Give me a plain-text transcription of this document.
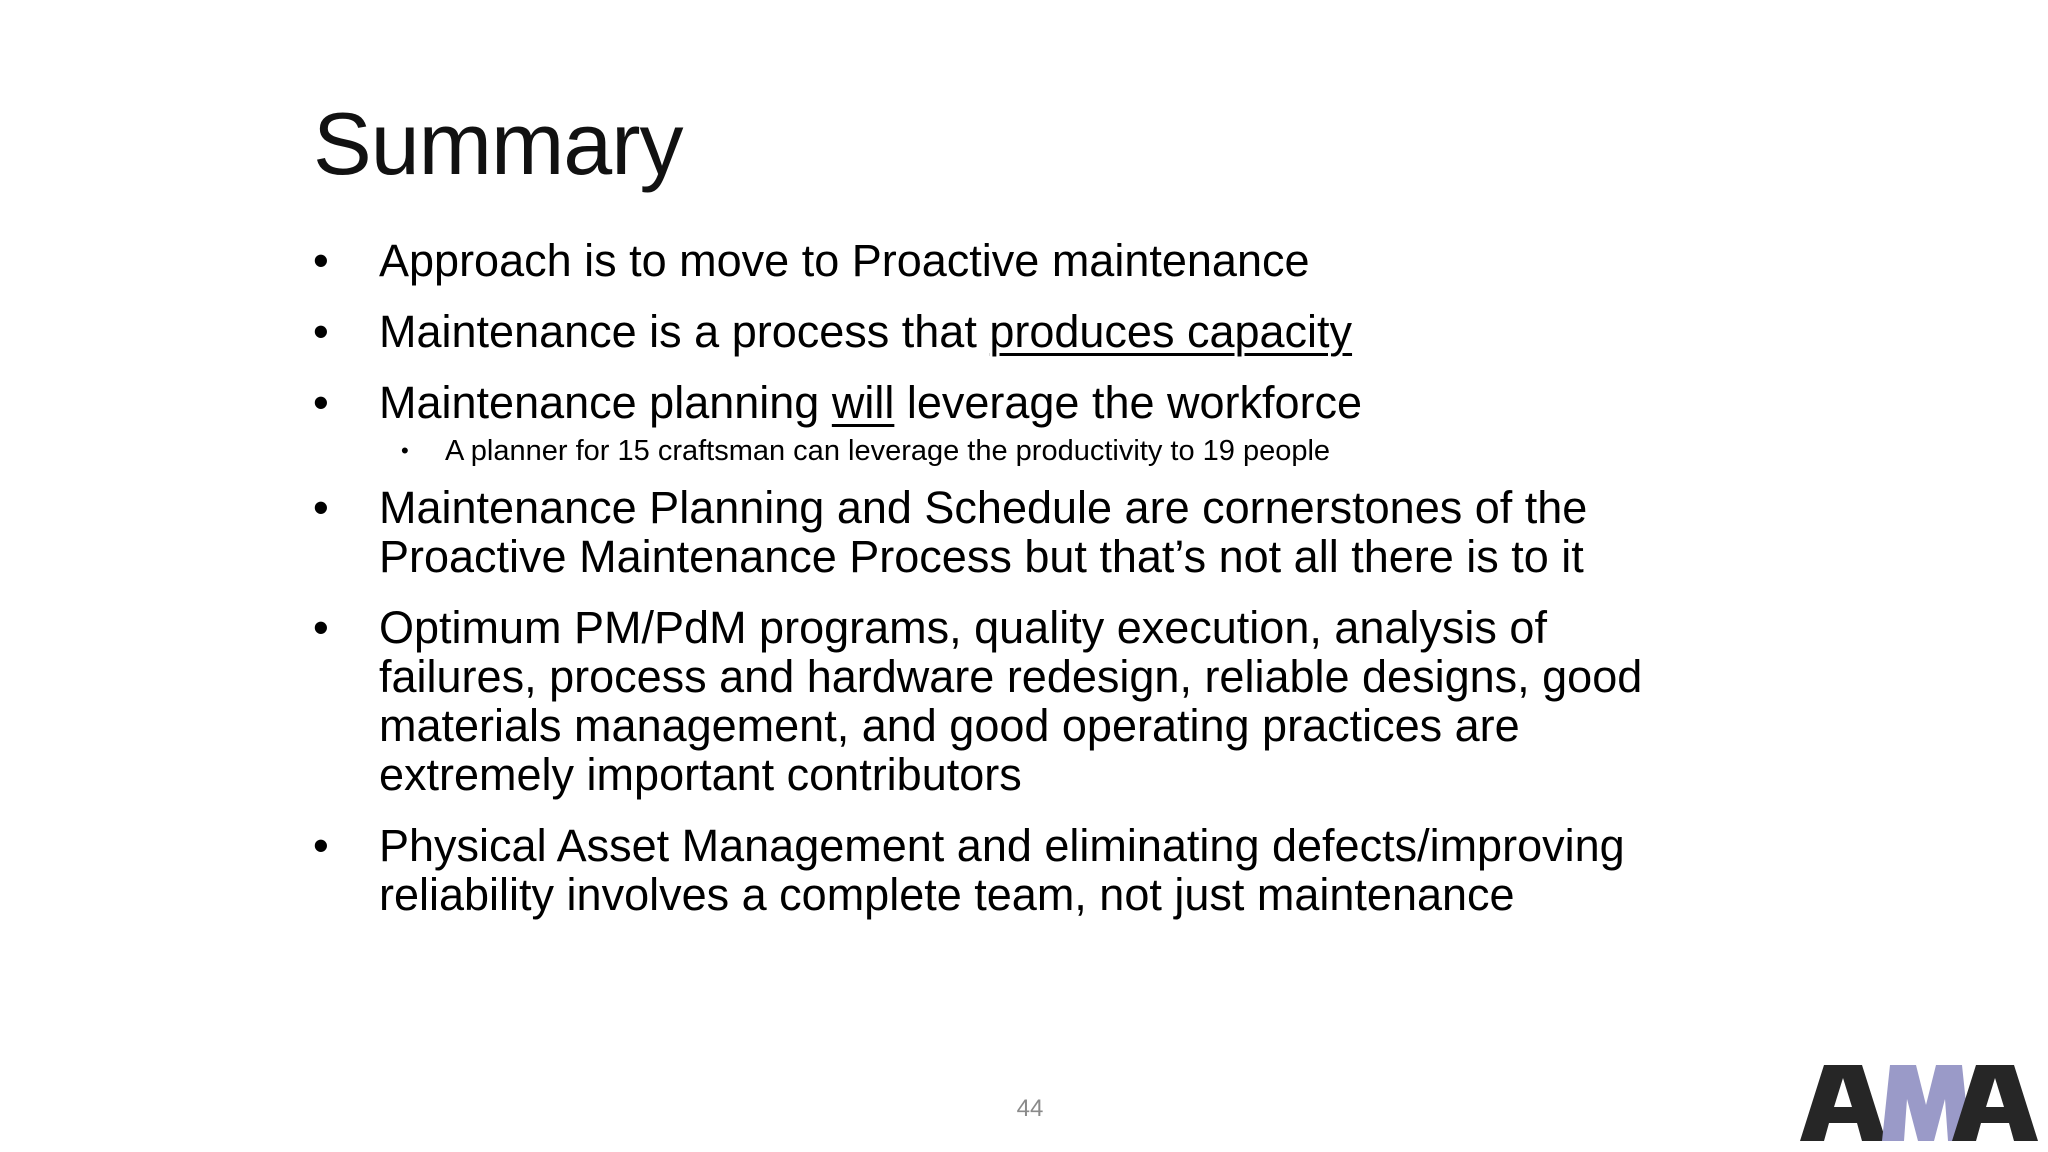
Summary
•	Approach is to move to Proactive maintenance
•	Maintenance is a process that produces capacity
•	Maintenance planning will leverage the workforce
•	A planner for 15 craftsman can leverage the productivity to 19 people
•	Maintenance Planning and Schedule are cornerstones of the
Proactive Maintenance Process but that’s not all there is to it
•	Optimum PM/PdM programs, quality execution, analysis of
failures, process and hardware redesign, reliable designs, good
materials management, and good operating practices are
extremely important contributors
•	Physical Asset Management and eliminating defects/improving
reliability involves a complete team, not just maintenance
44
